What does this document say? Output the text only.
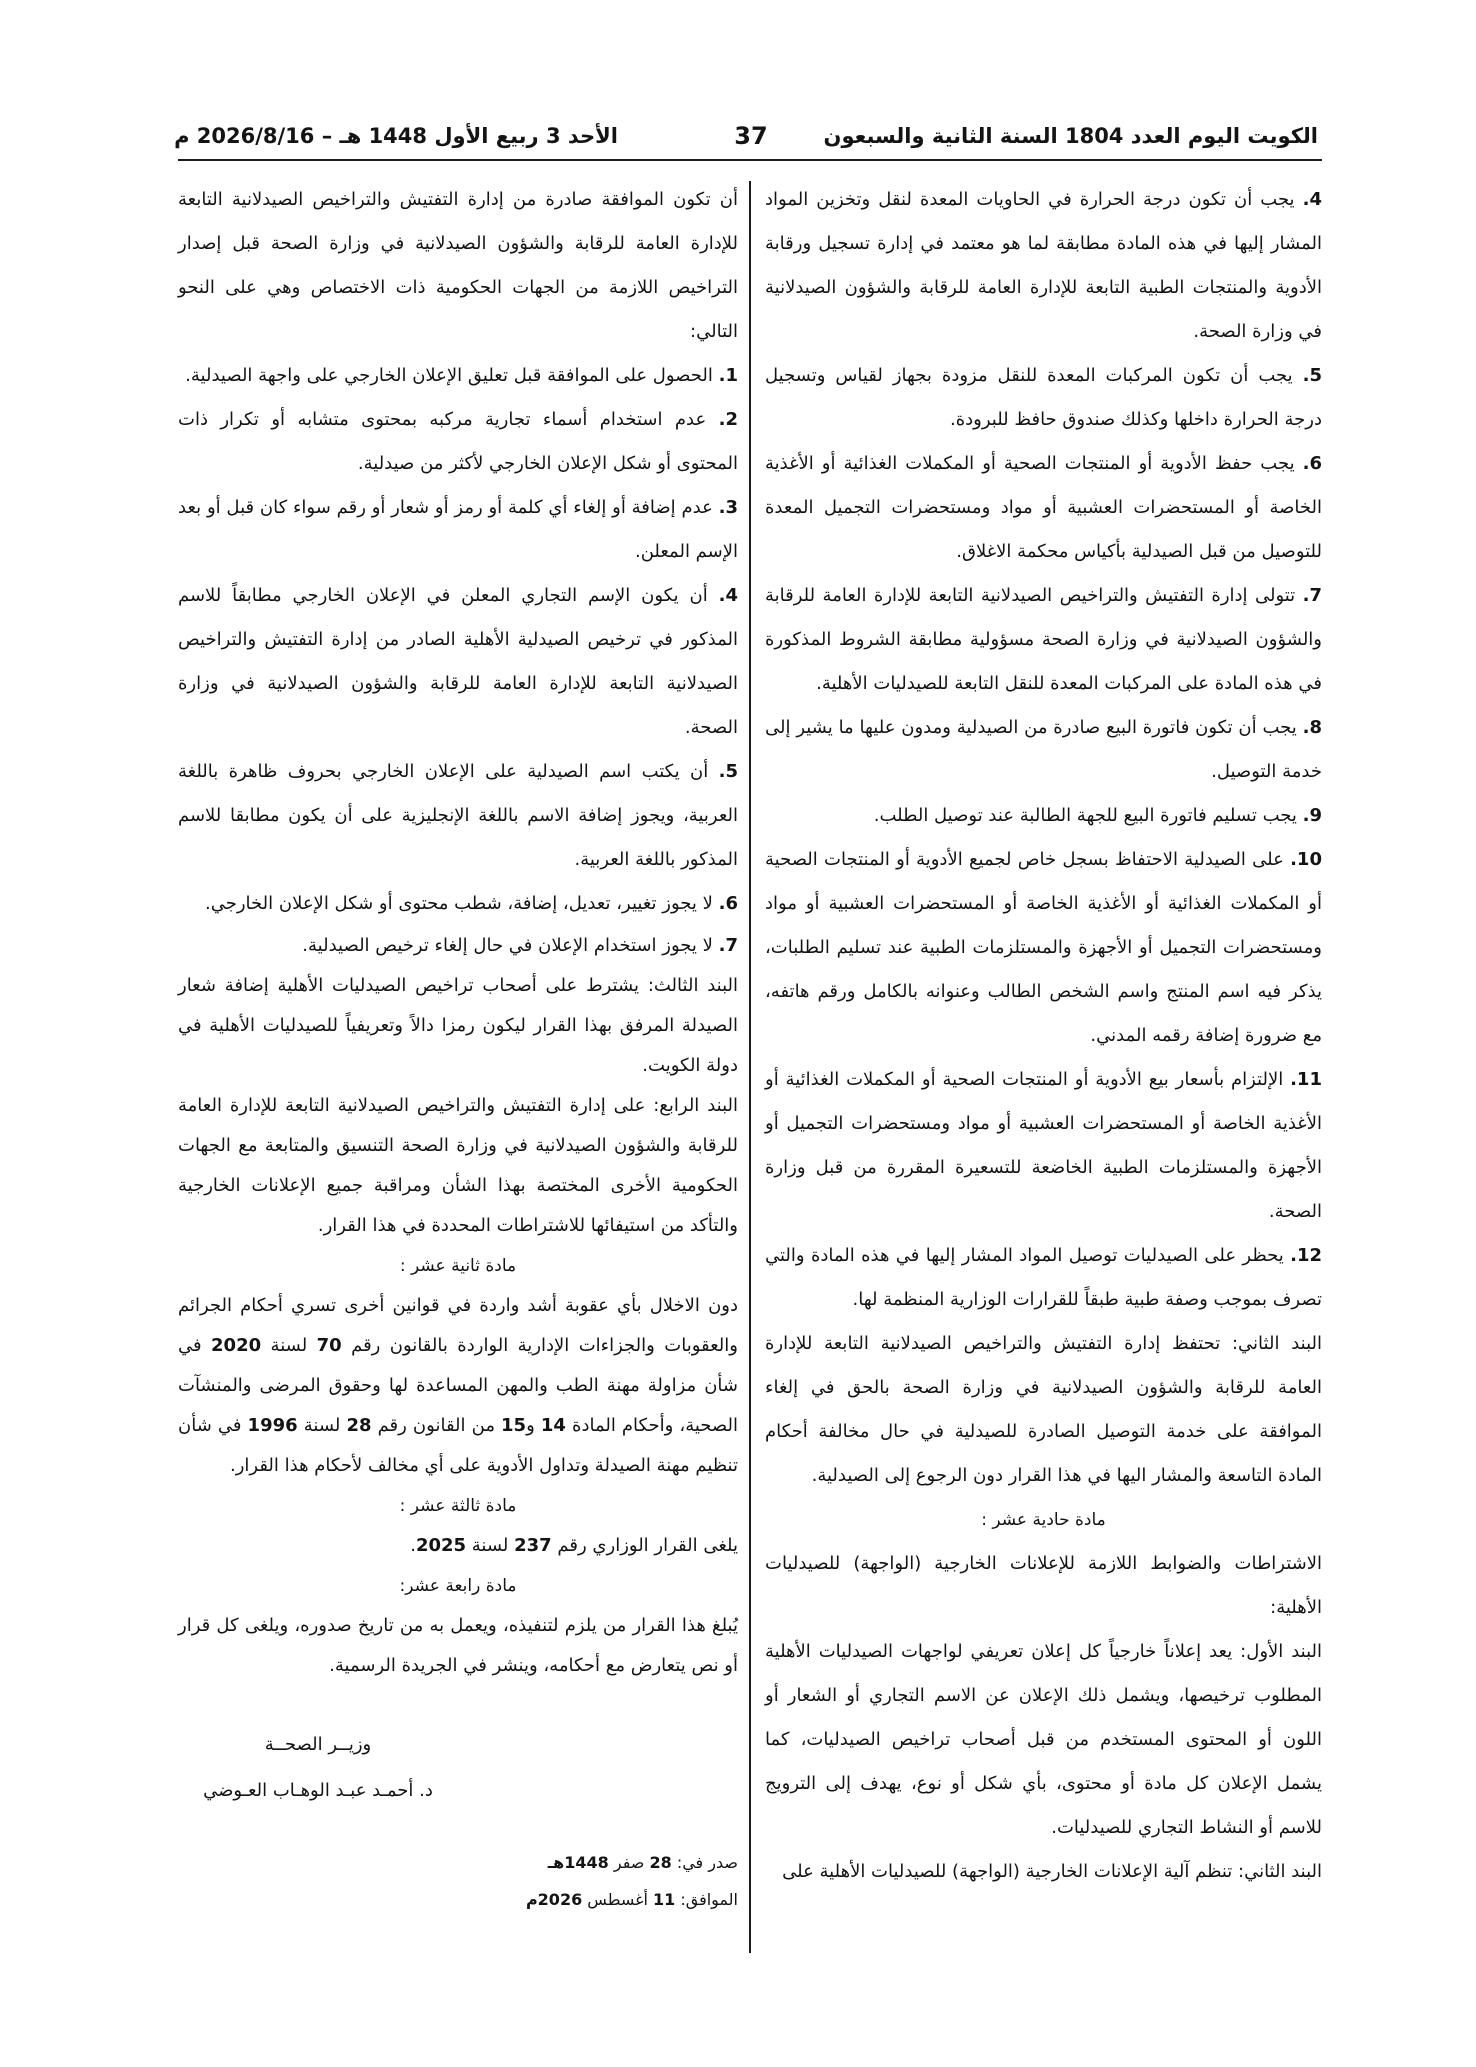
الكويت اليوم العدد 1804 السنة الثانية والسبعون
37
الأحد 3 ربيع الأول 1448 هـ – 2026/8/16 م

4. يجب أن تكون درجة الحرارة في الحاويات المعدة لنقل وتخزين المواد المشار إليها في هذه المادة مطابقة لما هو معتمد في إدارة تسجيل ورقابة الأدوية والمنتجات الطبية التابعة للإدارة العامة للرقابة والشؤون الصيدلانية في وزارة الصحة.

5. يجب أن تكون المركبات المعدة للنقل مزودة بجهاز لقياس وتسجيل درجة الحرارة داخلها وكذلك صندوق حافظ للبرودة.

6. يجب حفظ الأدوية أو المنتجات الصحية أو المكملات الغذائية أو الأغذية الخاصة أو المستحضرات العشبية أو مواد ومستحضرات التجميل المعدة للتوصيل من قبل الصيدلية بأكياس محكمة الاغلاق.

7. تتولى إدارة التفتيش والتراخيص الصيدلانية التابعة للإدارة العامة للرقابة والشؤون الصيدلانية في وزارة الصحة مسؤولية مطابقة الشروط المذكورة في هذه المادة على المركبات المعدة للنقل التابعة للصيدليات الأهلية.

8. يجب أن تكون فاتورة البيع صادرة من الصيدلية ومدون عليها ما يشير إلى خدمة التوصيل.

9. يجب تسليم فاتورة البيع للجهة الطالبة عند توصيل الطلب.

10. على الصيدلية الاحتفاظ بسجل خاص لجميع الأدوية أو المنتجات الصحية أو المكملات الغذائية أو الأغذية الخاصة أو المستحضرات العشبية أو مواد ومستحضرات التجميل أو الأجهزة والمستلزمات الطبية عند تسليم الطلبات، يذكر فيه اسم المنتج واسم الشخص الطالب وعنوانه بالكامل ورقم هاتفه، مع ضرورة إضافة رقمه المدني.

11. الإلتزام بأسعار بيع الأدوية أو المنتجات الصحية أو المكملات الغذائية أو الأغذية الخاصة أو المستحضرات العشبية أو مواد ومستحضرات التجميل أو الأجهزة والمستلزمات الطبية الخاضعة للتسعيرة المقررة من قبل وزارة الصحة.

12. يحظر على الصيدليات توصيل المواد المشار إليها في هذه المادة والتي تصرف بموجب وصفة طبية طبقاً للقرارات الوزارية المنظمة لها.

البند الثاني: تحتفظ إدارة التفتيش والتراخيص الصيدلانية التابعة للإدارة العامة للرقابة والشؤون الصيدلانية في وزارة الصحة بالحق في إلغاء الموافقة على خدمة التوصيل الصادرة للصيدلية في حال مخالفة أحكام المادة التاسعة والمشار اليها في هذا القرار دون الرجوع إلى الصيدلية.

مادة حادية عشر :

الاشتراطات والضوابط اللازمة للإعلانات الخارجية (الواجهة) للصيدليات الأهلية:

البند الأول: يعد إعلاناً خارجياً كل إعلان تعريفي لواجهات الصيدليات الأهلية المطلوب ترخيصها، ويشمل ذلك الإعلان عن الاسم التجاري أو الشعار أو اللون أو المحتوى المستخدم من قبل أصحاب تراخيص الصيدليات، كما يشمل الإعلان كل مادة أو محتوى، بأي شكل أو نوع، يهدف إلى الترويج للاسم أو النشاط التجاري للصيدليات.

البند الثاني: تنظم آلية الإعلانات الخارجية (الواجهة) للصيدليات الأهلية على

أن تكون الموافقة صادرة من إدارة التفتيش والتراخيص الصيدلانية التابعة للإدارة العامة للرقابة والشؤون الصيدلانية في وزارة الصحة قبل إصدار التراخيص اللازمة من الجهات الحكومية ذات الاختصاص وهي على النحو التالي:

1. الحصول على الموافقة قبل تعليق الإعلان الخارجي على واجهة الصيدلية.

2. عدم استخدام أسماء تجارية مركبه بمحتوى متشابه أو تكرار ذات المحتوى أو شكل الإعلان الخارجي لأكثر من صيدلية.

3. عدم إضافة أو إلغاء أي كلمة أو رمز أو شعار أو رقم سواء كان قبل أو بعد الإسم المعلن.

4. أن يكون الإسم التجاري المعلن في الإعلان الخارجي مطابقاً للاسم المذكور في ترخيص الصيدلية الأهلية الصادر من إدارة التفتيش والتراخيص الصيدلانية التابعة للإدارة العامة للرقابة والشؤون الصيدلانية في وزارة الصحة.

5. أن يكتب اسم الصيدلية على الإعلان الخارجي بحروف ظاهرة باللغة العربية، ويجوز إضافة الاسم باللغة الإنجليزية على أن يكون مطابقا للاسم المذكور باللغة العربية.

6. لا يجوز تغيير، تعديل، إضافة، شطب محتوى أو شكل الإعلان الخارجي.

7. لا يجوز استخدام الإعلان في حال إلغاء ترخيص الصيدلية.

البند الثالث: يشترط على أصحاب تراخيص الصيدليات الأهلية إضافة شعار الصيدلة المرفق بهذا القرار ليكون رمزا دالاً وتعريفياً للصيدليات الأهلية في دولة الكويت.

البند الرابع: على إدارة التفتيش والتراخيص الصيدلانية التابعة للإدارة العامة للرقابة والشؤون الصيدلانية في وزارة الصحة التنسيق والمتابعة مع الجهات الحكومية الأخرى المختصة بهذا الشأن ومراقبة جميع الإعلانات الخارجية والتأكد من استيفائها للاشتراطات المحددة في هذا القرار.

مادة ثانية عشر :

دون الاخلال بأي عقوبة أشد واردة في قوانين أخرى تسري أحكام الجرائم والعقوبات والجزاءات الإدارية الواردة بالقانون رقم 70 لسنة 2020 في شأن مزاولة مهنة الطب والمهن المساعدة لها وحقوق المرضى والمنشآت الصحية، وأحكام المادة 14 و15 من القانون رقم 28 لسنة 1996 في شأن تنظيم مهنة الصيدلة وتداول الأدوية على أي مخالف لأحكام هذا القرار.

مادة ثالثة عشر :

يلغى القرار الوزاري رقم 237 لسنة 2025.

مادة رابعة عشر:

يُبلغ هذا القرار من يلزم لتنفيذه، ويعمل به من تاريخ صدوره، ويلغى كل قرار أو نص يتعارض مع أحكامه، وينشر في الجريدة الرسمية.

وزيــر الصحــة
د. أحمـد عبـد الوهـاب العـوضي
صدر في: 28 صفر 1448هـ
الموافق: 11 أغسطس 2026م
